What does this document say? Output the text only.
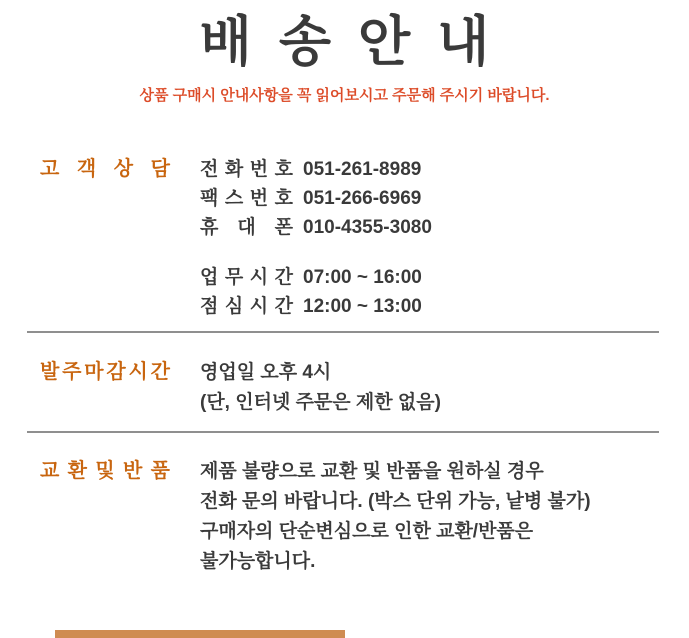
배송안내

상품 구매시 안내사항을 꼭 읽어보시고 주문해 주시기 바랍니다.

고 객 상 담 전 화 번 호 051-261-8989
팩 스 번 호 051-266-6969
휴 대 폰 010-4355-3080
업 무 시 간 07:00 ~ 16:00
점 심 시 간 12:00 ~ 13:00
발 주 마 감 시 간 영업일 오후 4시
(단, 인터넷 주문은 제한 없음)
교 환 및 반 품 제품 불량으로 교환 및 반품을 원하실 경우
전화 문의 바랍니다. (박스 단위 가능, 낱병 불가)
구매자의 단순변심으로 인한 교환/반품은
불가능합니다.
